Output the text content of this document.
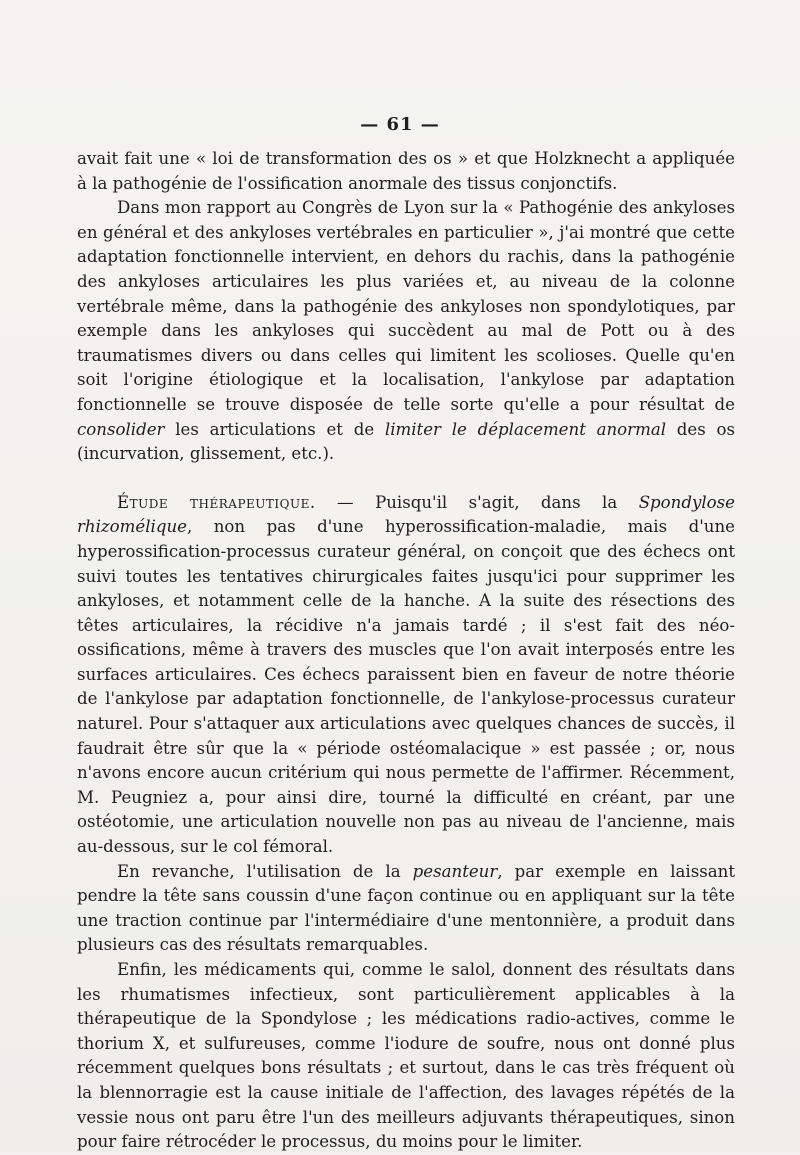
— 61 —

avait fait une « loi de transformation des os » et que Holzknecht a appliquée à la pathogénie de l'ossification anormale des tissus conjonctifs.

Dans mon rapport au Congrès de Lyon sur la « Pathogénie des ankyloses en général et des ankyloses vertébrales en particulier », j'ai montré que cette adaptation fonctionnelle intervient, en dehors du rachis, dans la pathogénie des ankyloses articulaires les plus variées et, au niveau de la colonne vertébrale même, dans la pathogénie des ankyloses non spondylotiques, par exemple dans les ankyloses qui succèdent au mal de Pott ou à des traumatismes divers ou dans celles qui limitent les scolioses. Quelle qu'en soit l'origine étiologique et la localisation, l'ankylose par adaptation fonctionnelle se trouve disposée de telle sorte qu'elle a pour résultat de consolider les articulations et de limiter le déplacement anormal des os (incurvation, glissement, etc.).

Étude thérapeutique. — Puisqu'il s'agit, dans la Spondylose rhizomélique, non pas d'une hyperossification-maladie, mais d'une hyperossification-processus curateur général, on conçoit que des échecs ont suivi toutes les tentatives chirurgicales faites jusqu'ici pour supprimer les ankyloses, et notamment celle de la hanche. A la suite des résections des têtes articulaires, la récidive n'a jamais tardé ; il s'est fait des néo-ossifications, même à travers des muscles que l'on avait interposés entre les surfaces articulaires. Ces échecs paraissent bien en faveur de notre théorie de l'ankylose par adaptation fonctionnelle, de l'ankylose-processus curateur naturel. Pour s'attaquer aux articulations avec quelques chances de succès, il faudrait être sûr que la « période ostéomalacique » est passée ; or, nous n'avons encore aucun critérium qui nous permette de l'affirmer. Récemment, M. Peugniez a, pour ainsi dire, tourné la difficulté en créant, par une ostéotomie, une articulation nouvelle non pas au niveau de l'ancienne, mais au-dessous, sur le col fémoral.

En revanche, l'utilisation de la pesanteur, par exemple en laissant pendre la tête sans coussin d'une façon continue ou en appliquant sur la tête une traction continue par l'intermédiaire d'une mentonnière, a produit dans plusieurs cas des résultats remarquables.

Enfin, les médicaments qui, comme le salol, donnent des résultats dans les rhumatismes infectieux, sont particulièrement applicables à la thérapeutique de la Spondylose ; les médications radio-actives, comme le thorium X, et sulfureuses, comme l'iodure de soufre, nous ont donné plus récemment quelques bons résultats ; et surtout, dans le cas très fréquent où la blennorragie est la cause initiale de l'affection, des lavages répétés de la vessie nous ont paru être l'un des meilleurs adjuvants thérapeutiques, sinon pour faire rétrocéder le processus, du moins pour le limiter.
